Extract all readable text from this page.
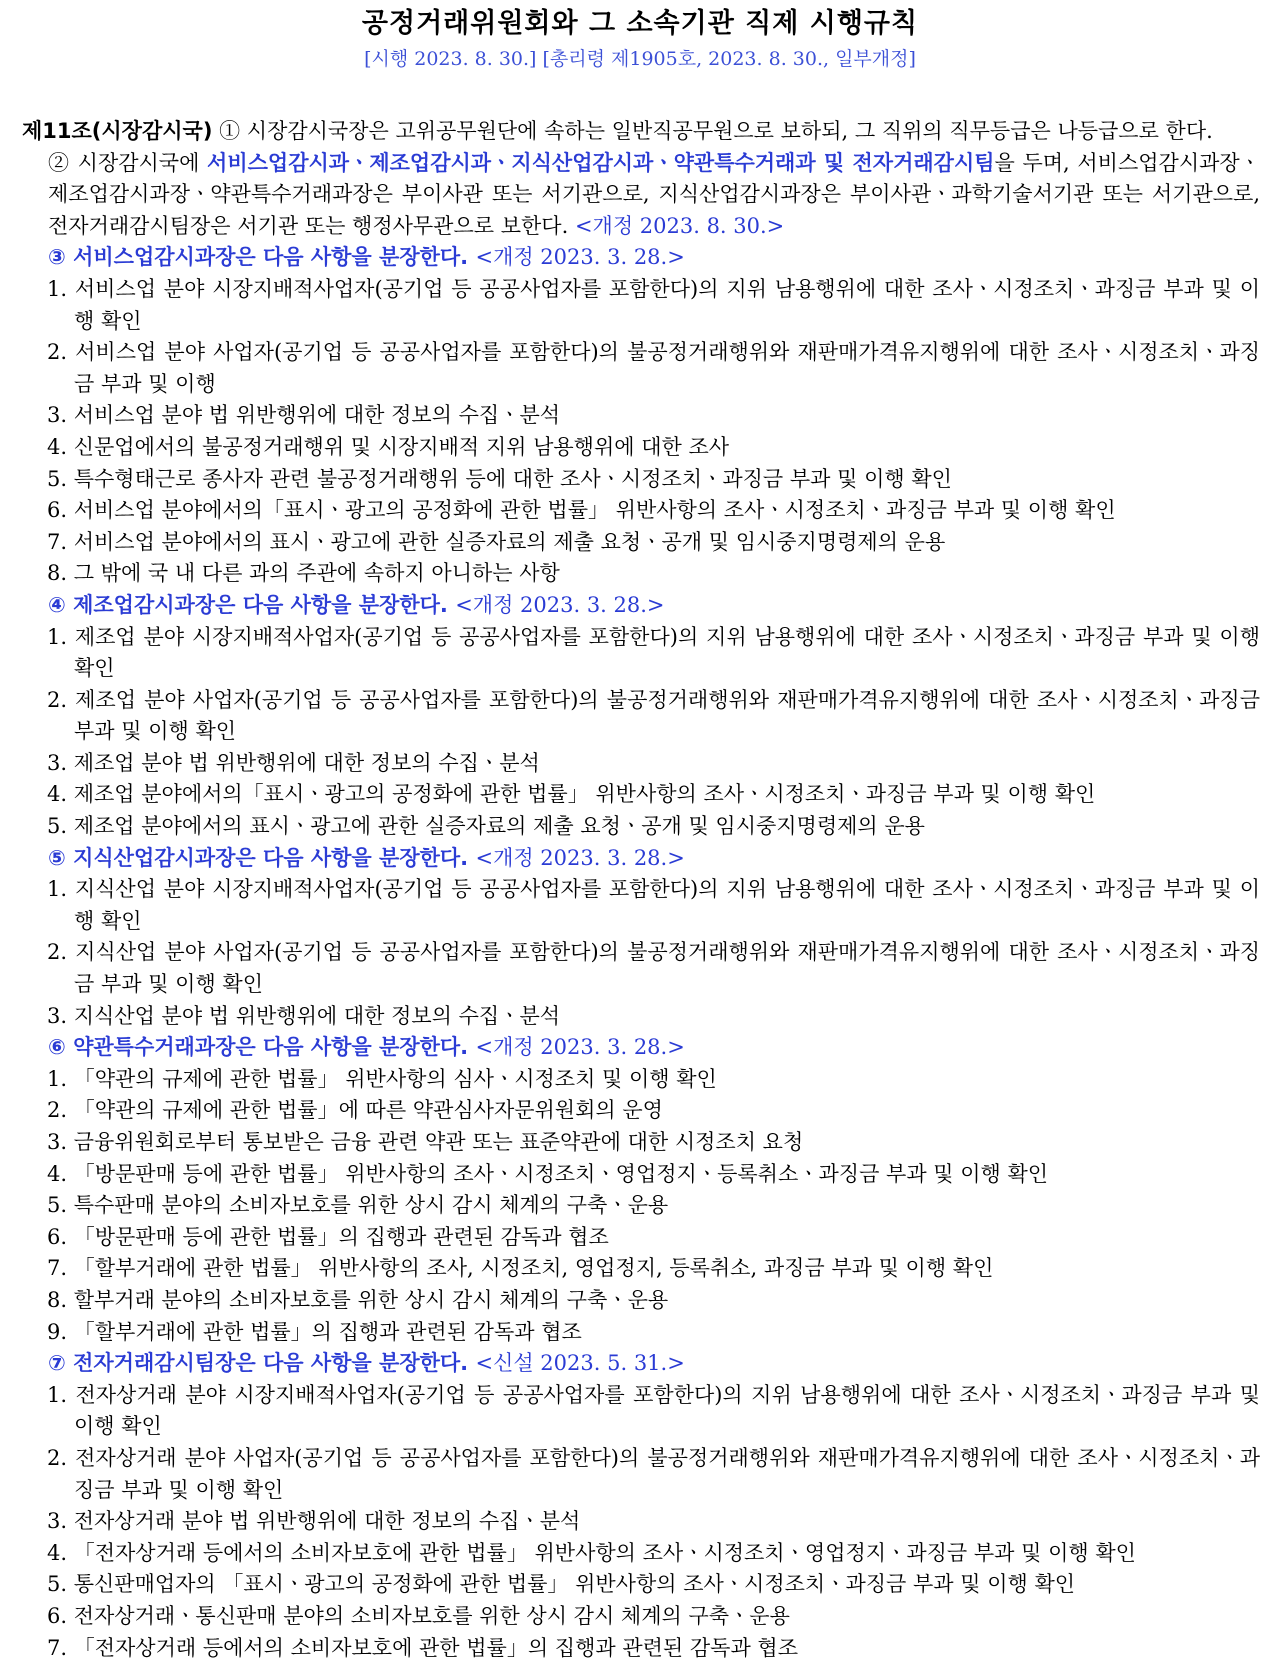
공정거래위원회와 그 소속기관 직제 시행규칙
[시행 2023. 8. 30.] [총리령 제1905호, 2023. 8. 30., 일부개정]

제11조(시장감시국) ① 시장감시국장은 고위공무원단에 속하는 일반직공무원으로 보하되, 그 직위의 직무등급은 나등급으로 한다.

② 시장감시국에 서비스업감시과ㆍ제조업감시과ㆍ지식산업감시과ㆍ약관특수거래과 및 전자거래감시팀을 두며, 서비스업감시과장ㆍ제조업감시과장ㆍ약관특수거래과장은 부이사관 또는 서기관으로, 지식산업감시과장은 부이사관ㆍ과학기술서기관 또는 서기관으로, 전자거래감시팀장은 서기관 또는 행정사무관으로 보한다. <개정 2023. 8. 30.>

③ 서비스업감시과장은 다음 사항을 분장한다. <개정 2023. 3. 28.>

1. 서비스업 분야 시장지배적사업자(공기업 등 공공사업자를 포함한다)의 지위 남용행위에 대한 조사ㆍ시정조치ㆍ과징금 부과 및 이행 확인

2. 서비스업 분야 사업자(공기업 등 공공사업자를 포함한다)의 불공정거래행위와 재판매가격유지행위에 대한 조사ㆍ시정조치ㆍ과징금 부과 및 이행

3. 서비스업 분야 법 위반행위에 대한 정보의 수집ㆍ분석

4. 신문업에서의 불공정거래행위 및 시장지배적 지위 남용행위에 대한 조사

5. 특수형태근로 종사자 관련 불공정거래행위 등에 대한 조사ㆍ시정조치ㆍ과징금 부과 및 이행 확인

6. 서비스업 분야에서의「표시ㆍ광고의 공정화에 관한 법률」 위반사항의 조사ㆍ시정조치ㆍ과징금 부과 및 이행 확인

7. 서비스업 분야에서의 표시ㆍ광고에 관한 실증자료의 제출 요청ㆍ공개 및 임시중지명령제의 운용

8. 그 밖에 국 내 다른 과의 주관에 속하지 아니하는 사항

④ 제조업감시과장은 다음 사항을 분장한다. <개정 2023. 3. 28.>

1. 제조업 분야 시장지배적사업자(공기업 등 공공사업자를 포함한다)의 지위 남용행위에 대한 조사ㆍ시정조치ㆍ과징금 부과 및 이행 확인

2. 제조업 분야 사업자(공기업 등 공공사업자를 포함한다)의 불공정거래행위와 재판매가격유지행위에 대한 조사ㆍ시정조치ㆍ과징금 부과 및 이행 확인

3. 제조업 분야 법 위반행위에 대한 정보의 수집ㆍ분석

4. 제조업 분야에서의「표시ㆍ광고의 공정화에 관한 법률」 위반사항의 조사ㆍ시정조치ㆍ과징금 부과 및 이행 확인

5. 제조업 분야에서의 표시ㆍ광고에 관한 실증자료의 제출 요청ㆍ공개 및 임시중지명령제의 운용

⑤ 지식산업감시과장은 다음 사항을 분장한다. <개정 2023. 3. 28.>

1. 지식산업 분야 시장지배적사업자(공기업 등 공공사업자를 포함한다)의 지위 남용행위에 대한 조사ㆍ시정조치ㆍ과징금 부과 및 이행 확인

2. 지식산업 분야 사업자(공기업 등 공공사업자를 포함한다)의 불공정거래행위와 재판매가격유지행위에 대한 조사ㆍ시정조치ㆍ과징금 부과 및 이행 확인

3. 지식산업 분야 법 위반행위에 대한 정보의 수집ㆍ분석

⑥ 약관특수거래과장은 다음 사항을 분장한다. <개정 2023. 3. 28.>

1. 「약관의 규제에 관한 법률」 위반사항의 심사ㆍ시정조치 및 이행 확인

2. 「약관의 규제에 관한 법률」에 따른 약관심사자문위원회의 운영

3. 금융위원회로부터 통보받은 금융 관련 약관 또는 표준약관에 대한 시정조치 요청

4. 「방문판매 등에 관한 법률」 위반사항의 조사ㆍ시정조치ㆍ영업정지ㆍ등록취소ㆍ과징금 부과 및 이행 확인

5. 특수판매 분야의 소비자보호를 위한 상시 감시 체계의 구축ㆍ운용

6. 「방문판매 등에 관한 법률」의 집행과 관련된 감독과 협조

7. 「할부거래에 관한 법률」 위반사항의 조사, 시정조치, 영업정지, 등록취소, 과징금 부과 및 이행 확인

8. 할부거래 분야의 소비자보호를 위한 상시 감시 체계의 구축ㆍ운용

9. 「할부거래에 관한 법률」의 집행과 관련된 감독과 협조

⑦ 전자거래감시팀장은 다음 사항을 분장한다. <신설 2023. 5. 31.>

1. 전자상거래 분야 시장지배적사업자(공기업 등 공공사업자를 포함한다)의 지위 남용행위에 대한 조사ㆍ시정조치ㆍ과징금 부과 및 이행 확인

2. 전자상거래 분야 사업자(공기업 등 공공사업자를 포함한다)의 불공정거래행위와 재판매가격유지행위에 대한 조사ㆍ시정조치ㆍ과징금 부과 및 이행 확인

3. 전자상거래 분야 법 위반행위에 대한 정보의 수집ㆍ분석

4. 「전자상거래 등에서의 소비자보호에 관한 법률」 위반사항의 조사ㆍ시정조치ㆍ영업정지ㆍ과징금 부과 및 이행 확인

5. 통신판매업자의 「표시ㆍ광고의 공정화에 관한 법률」 위반사항의 조사ㆍ시정조치ㆍ과징금 부과 및 이행 확인

6. 전자상거래ㆍ통신판매 분야의 소비자보호를 위한 상시 감시 체계의 구축ㆍ운용

7. 「전자상거래 등에서의 소비자보호에 관한 법률」의 집행과 관련된 감독과 협조
